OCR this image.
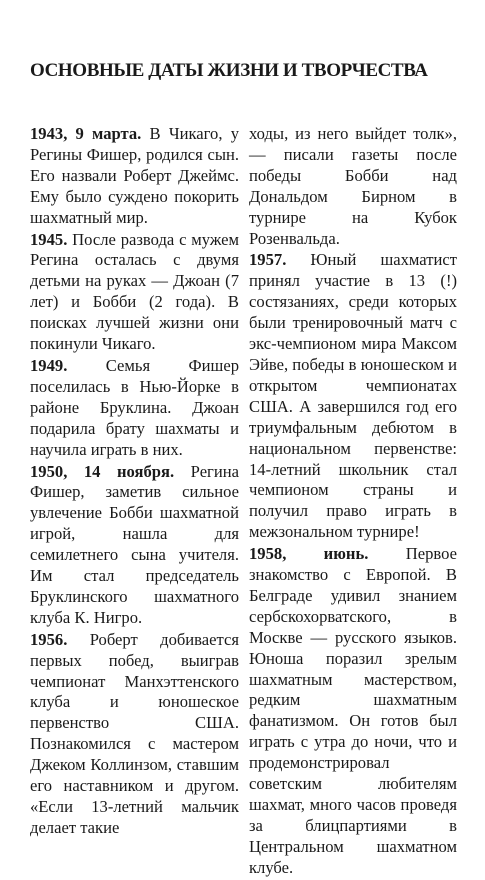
ОСНОВНЫЕ ДАТЫ ЖИЗНИ И ТВОРЧЕСТВА

1943, 9 марта. В Чикаго, у Регины Фишер, родился сын. Его назвали Роберт Джеймс. Ему было суждено покорить шахматный мир.

1945. После развода с мужем Регина осталась с двумя детьми на руках — Джоан (7 лет) и Бобби (2 года). В поисках лучшей жизни они покинули Чикаго.

1949. Семья Фишер поселилась в Нью-Йорке в районе Бруклина. Джоан подарила брату шахматы и научила играть в них.

1950, 14 ноября. Регина Фишер, заметив сильное увлечение Бобби шахматной игрой, нашла для семилетнего сына учителя. Им стал председатель Бруклинского шахматного клуба К. Нигро.

1956. Роберт добивается первых побед, выиграв чемпионат Манхэттенского клуба и юношеское первенство США. Познакомился с мастером Джеком Коллинзом, ставшим его наставником и другом. «Если 13-летний мальчик делает такие

ходы, из него выйдет толк», — писали газеты после победы Бобби над Дональдом Бирном в турнире на Кубок Розенвальда.

1957. Юный шахматист принял участие в 13 (!) состязаниях, среди которых были тренировочный матч с экс-чемпионом мира Максом Эйве, победы в юношеском и открытом чемпионатах США. А завершился год его триумфальным дебютом в национальном первенстве: 14-летний школьник стал чемпионом страны и получил право играть в межзональном турнире!

1958, июнь. Первое знакомство с Европой. В Белграде удивил знанием сербскохорватского, в Москве — русского языков. Юноша поразил зрелым шахматным мастерством, редким шахматным фанатизмом. Он готов был играть с утра до ночи, что и продемонстрировал советским любителям шахмат, много часов проведя за блицпартиями в Центральном шахматном клубе.
